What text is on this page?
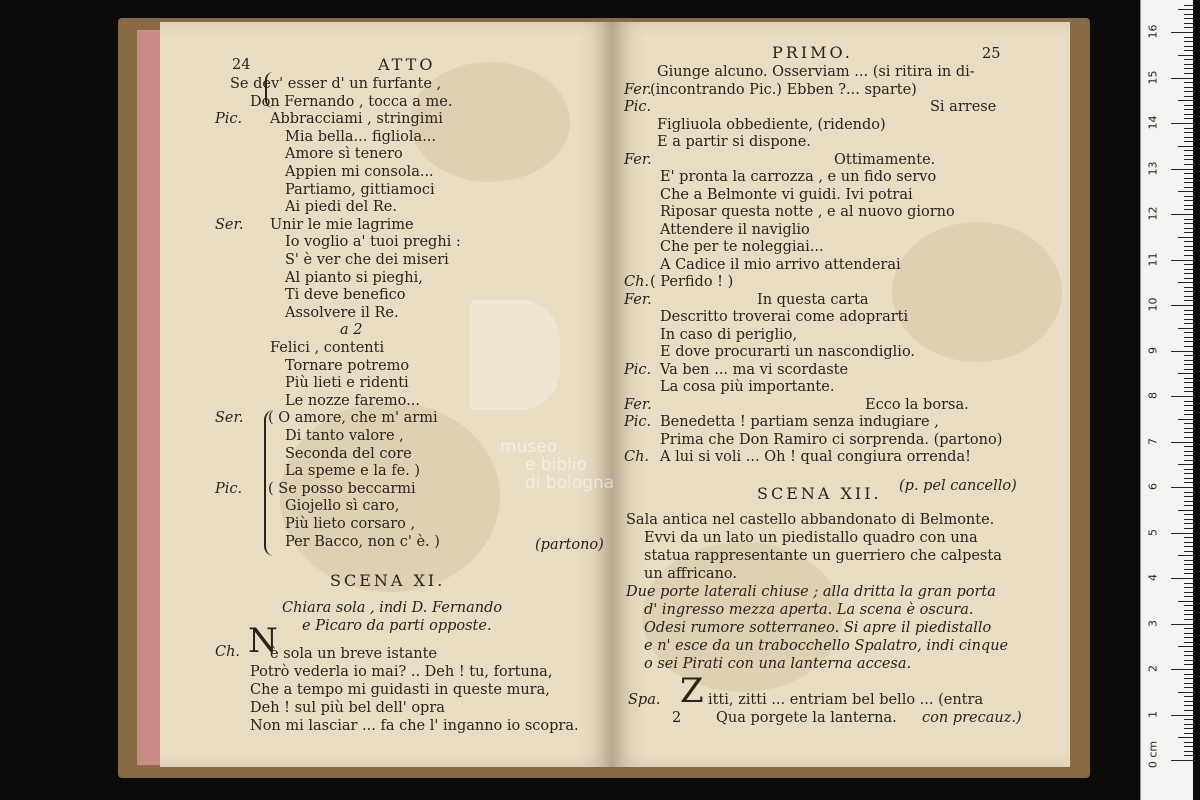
24	ATTO
Se dev' esser d' un furfante ,
Don Fernando , tocca a me.
Pic. Abbracciami , stringimi
Mia bella... figliola...
Amore sì tenero
Appien mi consola...
Partiamo, gittiamoci
Ai piedi del Re.
Ser. Unir le mie lagrime
Io voglio a' tuoi preghi :
S' è ver che dei miseri
Al pianto si pieghi,
Ti deve benefico
Assolvere il Re.
a 2
Felici , contenti
Tornare potremo
Più lieti e ridenti
Le nozze faremo...
Ser. ( O amore, che m' armi
Di tanto valore ,
Seconda del core
La speme e la fe. )
Pic. ( Se posso beccarmi
Giojello sì caro,
Più lieto corsaro ,
Per Bacco, non c' è. )	(partono)
SCENA XI.
Chiara sola , indi D. Fernando
e Picaro da parti opposte.
Ch. N
è sola un breve istante
Potrò vederla io mai? .. Deh ! tu, fortuna,
Che a tempo mi guidasti in queste mura,
Deh ! sul più bel dell' opra
Non mi lasciar ... fa che l' inganno io scopra.
PRIMO.	25
Giunge alcuno. Osserviam ... (si ritira in di-
Fer.
(incontrando Pic.) Ebben ?... sparte)
Pic.	Si arrese
Figliuola obbediente, (ridendo)
E a partir si dispone.
Fer.	Ottimamente.
E' pronta la carrozza , e un fido servo
Che a Belmonte vi guidi. Ivi potrai
Riposar questa notte , e al nuovo giorno
Attendere il naviglio
Che per te noleggiai...
A Cadice il mio arrivo attenderai
Ch. ( Perfido ! )
Fer.	In questa carta
Descritto troverai come adoprarti
In caso di periglio,
E dove procurarti un nascondiglio.
Pic. Va ben ... ma vi scordaste
La cosa più importante.
Fer.	Ecco la borsa.
Pic. Benedetta ! partiam senza indugiare ,
Prima che Don Ramiro ci sorprenda. (partono)
Ch. A lui si voli ... Oh ! qual congiura orrenda!
SCENA XII. (p. pel cancello)
Sala antica nel castello abbandonato di Belmonte.
Evvi da un lato un piedistallo quadro con una
statua rappresentante un guerriero che calpesta
un affricano.
Due porte laterali chiuse ; alla dritta la gran porta
d' ingresso mezza aperta. La scena è oscura.
Odesi rumore sotterraneo. Si apre il piedistallo
e n' esce da un trabocchello Spalatro, indi cinque
o sei Pirati con una lanterna accesa.
Spa. Z itti, zitti ... entriam bel bello ... (entra
2 Qua porgete la lanterna. con precauz.)
museo
e biblio
di bologna
0 cm
1
2
3
4
5
6
7
8
9
10
11
12
13
14
15
16
